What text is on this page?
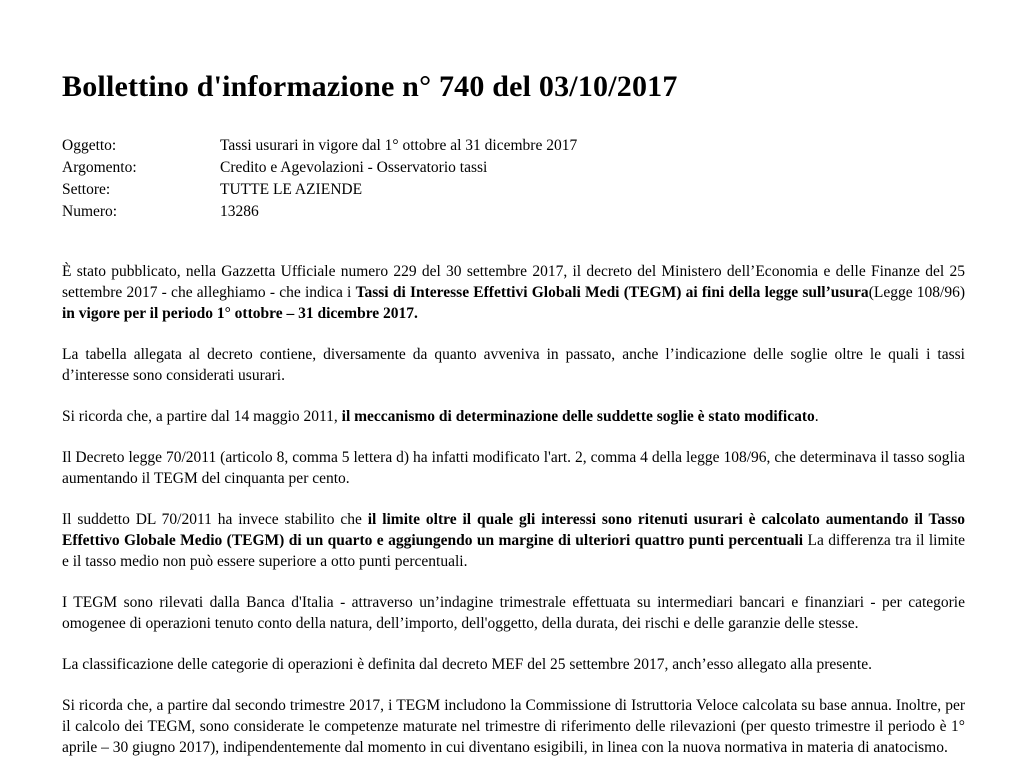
Bollettino d'informazione n° 740 del 03/10/2017
Oggetto:	Tassi usurari in vigore dal 1° ottobre al 31 dicembre 2017
Argomento:	Credito e Agevolazioni - Osservatorio tassi
Settore:	TUTTE LE AZIENDE
Numero:	13286

È stato pubblicato, nella Gazzetta Ufficiale numero 229 del 30 settembre 2017, il decreto del Ministero dell’Economia e delle Finanze del 25 settembre 2017 - che alleghiamo - che indica i Tassi di Interesse Effettivi Globali Medi (TEGM) ai fini della legge sull’usura(Legge 108/96) in vigore per il periodo 1° ottobre – 31 dicembre 2017.

La tabella allegata al decreto contiene, diversamente da quanto avveniva in passato, anche l’indicazione delle soglie oltre le quali i tassi d’interesse sono considerati usurari.

Si ricorda che, a partire dal 14 maggio 2011, il meccanismo di determinazione delle suddette soglie è stato modificato.

Il Decreto legge 70/2011 (articolo 8, comma 5 lettera d) ha infatti modificato l'art. 2, comma 4 della legge 108/96, che determinava il tasso soglia aumentando il TEGM del cinquanta per cento.

Il suddetto DL 70/2011 ha invece stabilito che il limite oltre il quale gli interessi sono ritenuti usurari è calcolato aumentando il Tasso Effettivo Globale Medio (TEGM) di un quarto e aggiungendo un margine di ulteriori quattro punti percentuali La differenza tra il limite e il tasso medio non può essere superiore a otto punti percentuali.

I TEGM sono rilevati dalla Banca d'Italia - attraverso un’indagine trimestrale effettuata su intermediari bancari e finanziari - per categorie omogenee di operazioni tenuto conto della natura, dell’importo, dell'oggetto, della durata, dei rischi e delle garanzie delle stesse.

La classificazione delle categorie di operazioni è definita dal decreto MEF del 25 settembre 2017, anch’esso allegato alla presente.

Si ricorda che, a partire dal secondo trimestre 2017, i TEGM includono la Commissione di Istruttoria Veloce calcolata su base annua. Inoltre, per il calcolo dei TEGM, sono considerate le competenze maturate nel trimestre di riferimento delle rilevazioni (per questo trimestre il periodo è 1° aprile – 30 giugno 2017), indipendentemente dal momento in cui diventano esigibili, in linea con la nuova normativa in materia di anatocismo.
